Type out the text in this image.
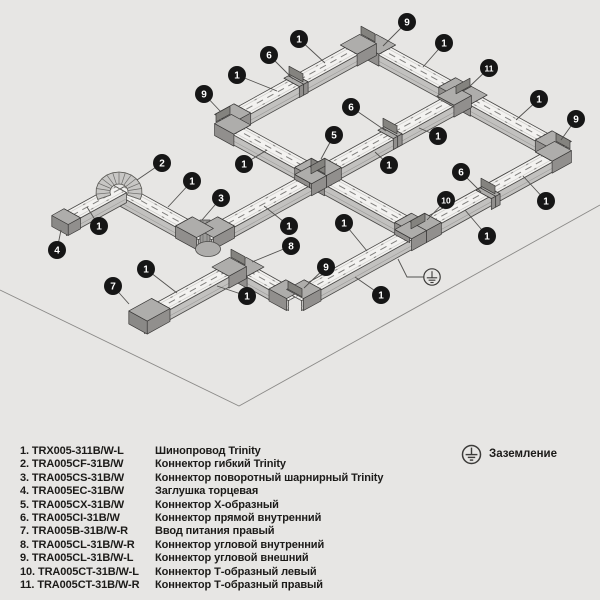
9
1	1
6
11
1
9	1
6
9
5	1
2	1	1
6
1
3	10	1
1
1
1
1
8
4
9
1
7
1
1
1. TRX005-311B/W-L	Шинопровод Trinity
2. TRA005CF-31B/W	Коннектор гибкий Trinity
3. TRA005CS-31B/W	Коннектор поворотный шарнирный Trinity
4. TRA005EC-31B/W	Заглушка торцевая
5. TRA005CX-31B/W	Коннектор Х-образный
6. TRA005CI-31B/W	Коннектор прямой внутренний
7. TRA005B-31B/W-R	Ввод питания правый
8. TRA005CL-31B/W-R	Коннектор угловой внутренний
9. TRA005CL-31B/W-L	Коннектор угловой внешний
10. TRA005CT-31B/W-L	Коннектор Т-образный левый
11. TRA005CT-31B/W-R	Коннектор Т-образный правый
Заземление
